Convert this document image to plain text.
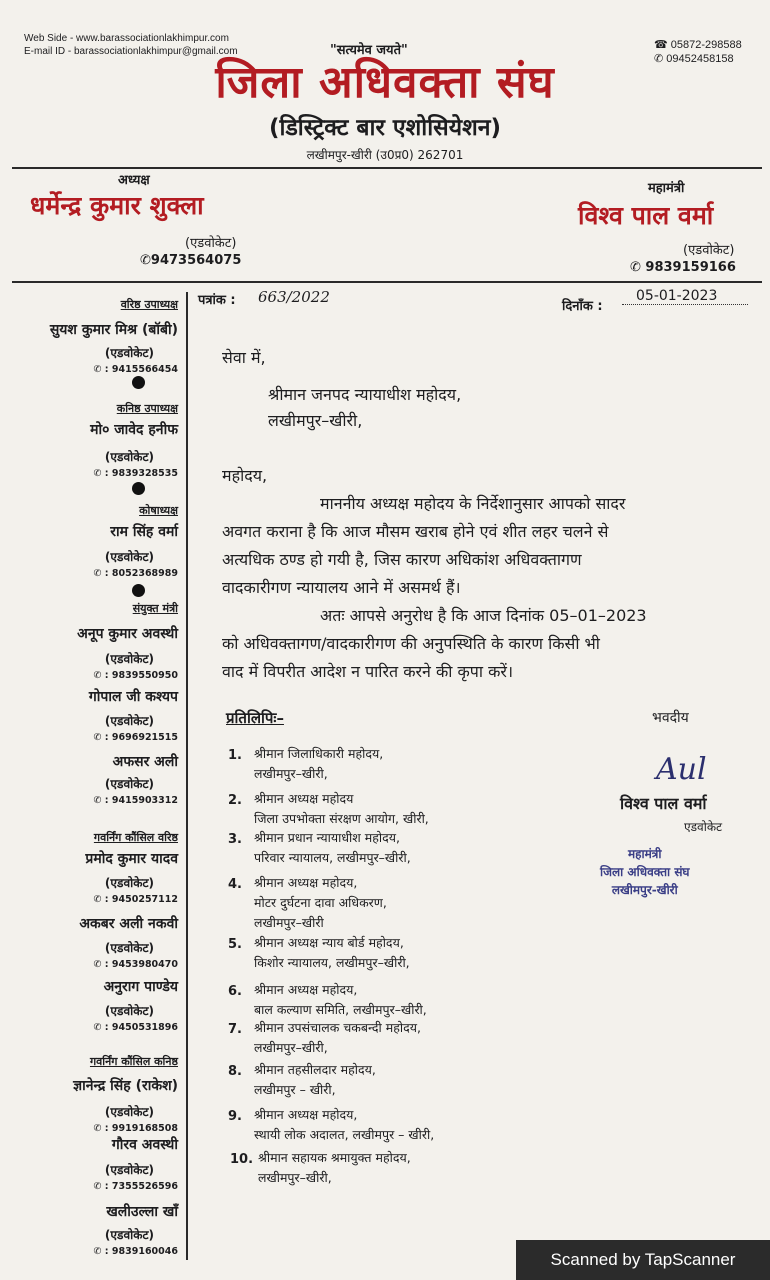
Web Side - www.barassociationlakhimpur.com
E-mail ID - barassociationlakhimpur@gmail.com	"सत्यमेव जयते"	☎ 05872-298588
✆ 09452458158
जिला अधिवक्ता संघ
(डिस्ट्रिक्ट बार एशोसियेशन)
लखीमपुर-खीरी (उ0प्र0) 262701
अध्यक्ष
धर्मेन्द्र कुमार शुक्ला
(एडवोकेट)
✆9473564075
महामंत्री
विश्व पाल वर्मा
(एडवोकेट)
✆ 9839159166
वरिष्ठ उपाध्यक्ष
सुयश कुमार मिश्र (बॉबी)
(एडवोकेट)
✆ : 9415566454
कनिष्ठ उपाध्यक्ष
मो० जावेद हनीफ
(एडवोकेट)
✆ : 9839328535
कोषाध्यक्ष
राम सिंह वर्मा
(एडवोकेट)
✆ : 8052368989
संयुक्त मंत्री
अनूप कुमार अवस्थी
(एडवोकेट)
✆ : 9839550950
गोपाल जी कश्यप
(एडवोकेट)
✆ : 9696921515
अफसर अली
(एडवोकेट)
✆ : 9415903312
गवर्निंग कौंसिल वरिष्ठ
प्रमोद कुमार यादव
(एडवोकेट)
✆ : 9450257112
अकबर अली नकवी
(एडवोकेट)
✆ : 9453980470
अनुराग पाण्डेय
(एडवोकेट)
✆ : 9450531896
गवर्निंग कौंसिल कनिष्ठ
ज्ञानेन्द्र सिंह (राकेश)
(एडवोकेट)
✆ : 9919168508
गौरव अवस्थी
(एडवोकेट)
✆ : 7355526596
खलीउल्ला खाँ
(एडवोकेट)
✆ : 9839160046
पत्रांक : 663/2022
दिनाँक :
05-01-2023
सेवा में,
श्रीमान जनपद न्यायाधीश महोदय,
लखीमपुर–खीरी,
महोदय,
माननीय अध्यक्ष महोदय के निर्देशानुसार आपको सादर
अवगत कराना है कि आज मौसम खराब होने एवं शीत लहर चलने से
अत्यधिक ठण्ड हो गयी है, जिस कारण अधिकांश अधिवक्तागण
वादकारीगण न्यायालय आने में असमर्थ हैं।
अतः आपसे अनुरोध है कि आज दिनांक 05–01–2023
को अधिवक्तागण/वादकारीगण की अनुपस्थिति के कारण किसी भी
वाद में विपरीत आदेश न पारित करने की कृपा करें।
भवदीय
Aul
विश्व पाल वर्मा
एडवोकेट
महामंत्री
जिला अधिवक्ता संघ
लखीमपुर-खीरी
प्रतिलिपिः–
1. श्रीमान जिलाधिकारी महोदय,
लखीमपुर–खीरी,
2. श्रीमान अध्यक्ष महोदय
जिला उपभोक्ता संरक्षण आयोग, खीरी,
3. श्रीमान प्रधान न्यायाधीश महोदय,
परिवार न्यायालय, लखीमपुर–खीरी,
4. श्रीमान अध्यक्ष महोदय,
मोटर दुर्घटना दावा अधिकरण,
लखीमपुर–खीरी
5. श्रीमान अध्यक्ष न्याय बोर्ड महोदय,
किशोर न्यायालय, लखीमपुर–खीरी,
6. श्रीमान अध्यक्ष महोदय,
बाल कल्याण समिति, लखीमपुर–खीरी,
7. श्रीमान उपसंचालक चकबन्दी महोदय,
लखीमपुर–खीरी,
8. श्रीमान तहसीलदार महोदय,
लखीमपुर – खीरी,
9. श्रीमान अध्यक्ष महोदय,
स्थायी लोक अदालत, लखीमपुर – खीरी,
10. श्रीमान सहायक श्रमायुक्त महोदय,
लखीमपुर–खीरी,
Scanned by TapScanner
